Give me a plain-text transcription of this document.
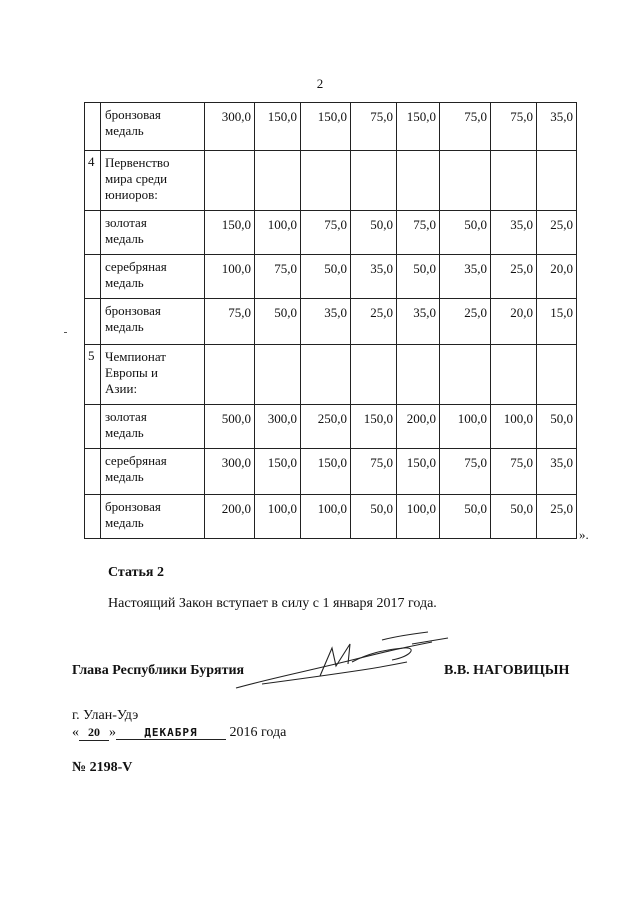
2

	бронзовая
медаль	300,0	150,0	150,0	75,0	150,0	75,0	75,0	35,0
4	Первенство
мира среди
юниоров:								

	золотая
медаль	150,0	100,0	75,0	50,0	75,0	50,0	35,0	25,0

	серебряная
медаль	100,0	75,0	50,0	35,0	50,0	35,0	25,0	20,0

	бронзовая
медаль	75,0	50,0	35,0	25,0	35,0	25,0	20,0	15,0
5	Чемпионат
Европы и
Азии:								

	золотая
медаль	500,0	300,0	250,0	150,0	200,0	100,0	100,0	50,0

	серебряная
медаль	300,0	150,0	150,0	75,0	150,0	75,0	75,0	35,0

	бронзовая
медаль	200,0	100,0	100,0	50,0	100,0	50,0	50,0	25,0
».
Статья 2
Настоящий Закон вступает в силу с 1 января 2017 года.
Глава Республики Бурятия	В.В. НАГОВИЦЫН
г. Улан-Удэ
« 20 »	ДЕКАБРЯ 2016 года
№ 2198-V
